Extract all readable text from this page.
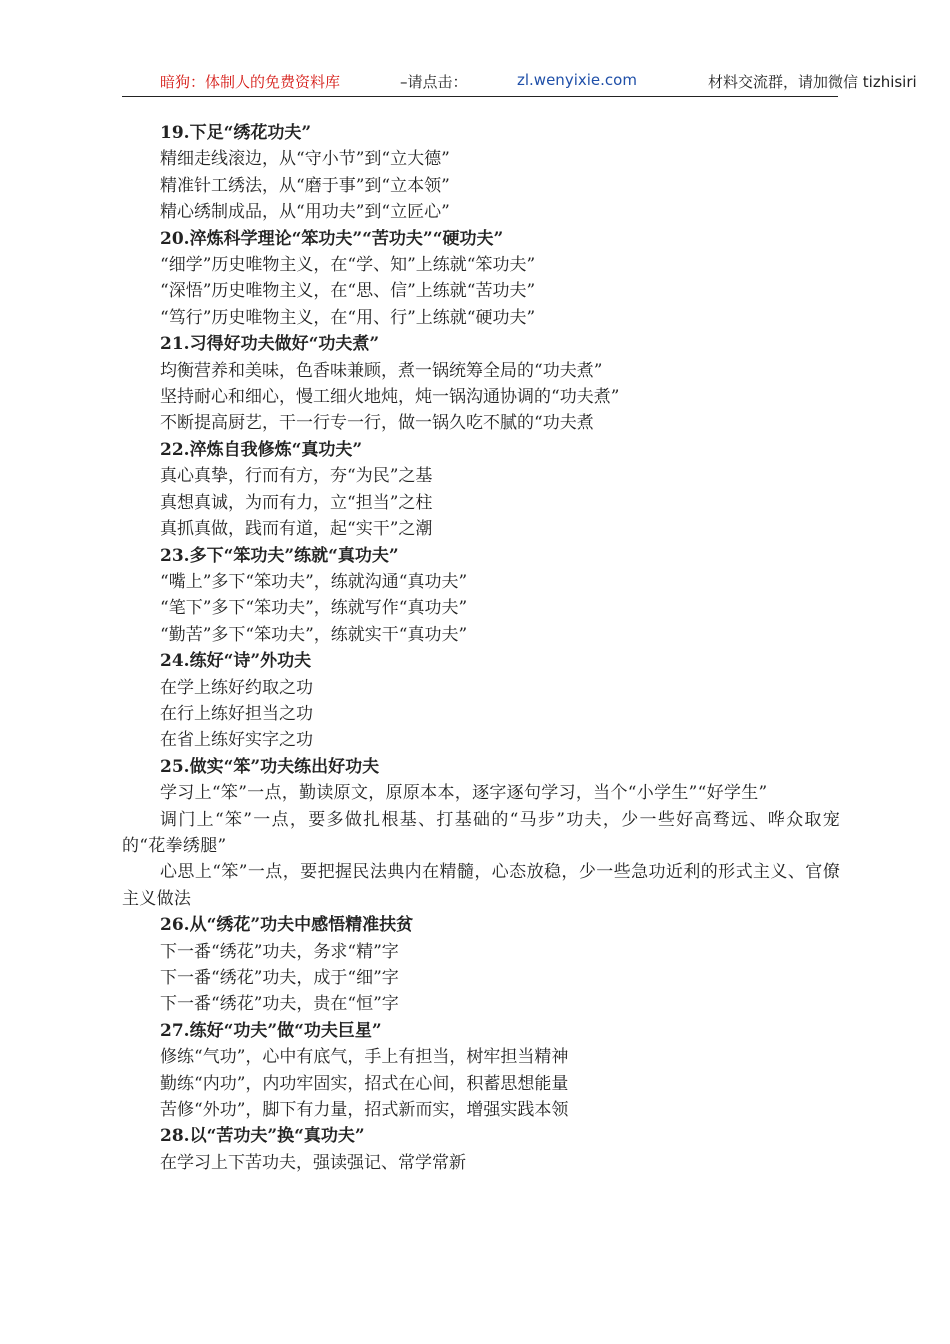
暗狗：体制人的免费资料库	–请点击：	zl.wenyixie.com	材料交流群，请加微信 tizhisiri
19.下足“绣花功夫”
精细走线滚边，从“守小节”到“立大德”
精准针工绣法，从“磨于事”到“立本领”
精心绣制成品，从“用功夫”到“立匠心”
20.淬炼科学理论“笨功夫”“苦功夫”“硬功夫”
“细学”历史唯物主义，在“学、知”上练就“笨功夫”
“深悟”历史唯物主义，在“思、信”上练就“苦功夫”
“笃行”历史唯物主义，在“用、行”上练就“硬功夫”
21.习得好功夫做好“功夫煮”
均衡营养和美味，色香味兼顾，煮一锅统筹全局的“功夫煮”
坚持耐心和细心，慢工细火地炖，炖一锅沟通协调的“功夫煮”
不断提高厨艺，干一行专一行，做一锅久吃不腻的“功夫煮
22.淬炼自我修炼“真功夫”
真心真挚，行而有方，夯“为民”之基
真想真诚，为而有力，立“担当”之柱
真抓真做，践而有道，起“实干”之潮
23.多下“笨功夫”练就“真功夫”
“嘴上”多下“笨功夫”，练就沟通“真功夫”
“笔下”多下“笨功夫”，练就写作“真功夫”
“勤苦”多下“笨功夫”，练就实干“真功夫”
24.练好“诗”外功夫
在学上练好约取之功
在行上练好担当之功
在省上练好实字之功
25.做实“笨”功夫练出好功夫
学习上“笨”一点，勤读原文，原原本本，逐字逐句学习，当个“小学生”“好学生”
调门上“笨”一点，要多做扎根基、打基础的“马步”功夫，少一些好高骛远、哗众取宠的“花拳绣腿”
心思上“笨”一点，要把握民法典内在精髓，心态放稳，少一些急功近利的形式主义、官僚主义做法
26.从“绣花”功夫中感悟精准扶贫
下一番“绣花”功夫，务求“精”字
下一番“绣花”功夫，成于“细”字
下一番“绣花”功夫，贵在“恒”字
27.练好“功夫”做“功夫巨星”
修练“气功”，心中有底气，手上有担当，树牢担当精神
勤练“内功”，内功牢固实，招式在心间，积蓄思想能量
苦修“外功”，脚下有力量，招式新而实，增强实践本领
28.以“苦功夫”换“真功夫”
在学习上下苦功夫，强读强记、常学常新
